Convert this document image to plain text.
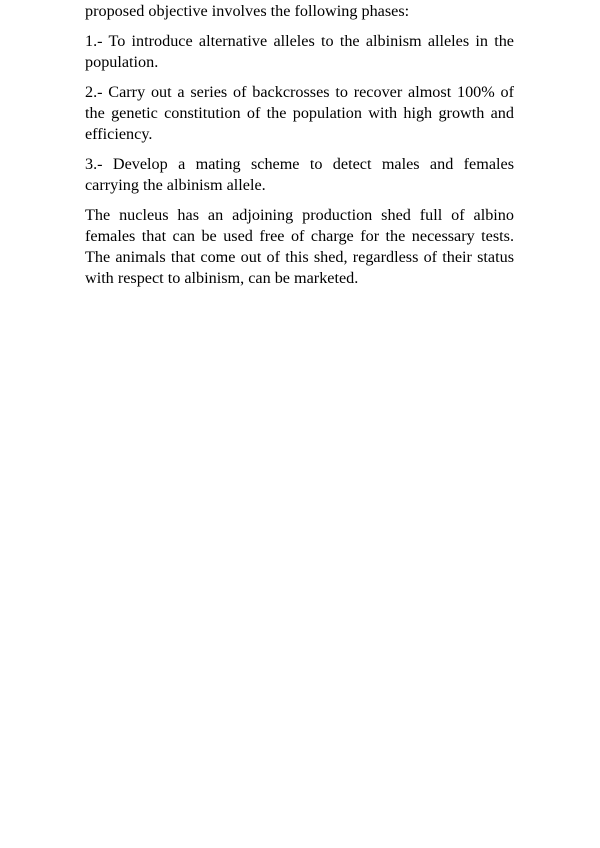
proposed objective involves the following phases:

1.- To introduce alternative alleles to the albinism alleles in the population.

2.- Carry out a series of backcrosses to recover almost 100% of the genetic constitution of the population with high growth and efficiency.

3.- Develop a mating scheme to detect males and females carrying the albinism allele.

The nucleus has an adjoining production shed full of albino females that can be used free of charge for the necessary tests. The animals that come out of this shed, regardless of their status with respect to albinism, can be marketed.
